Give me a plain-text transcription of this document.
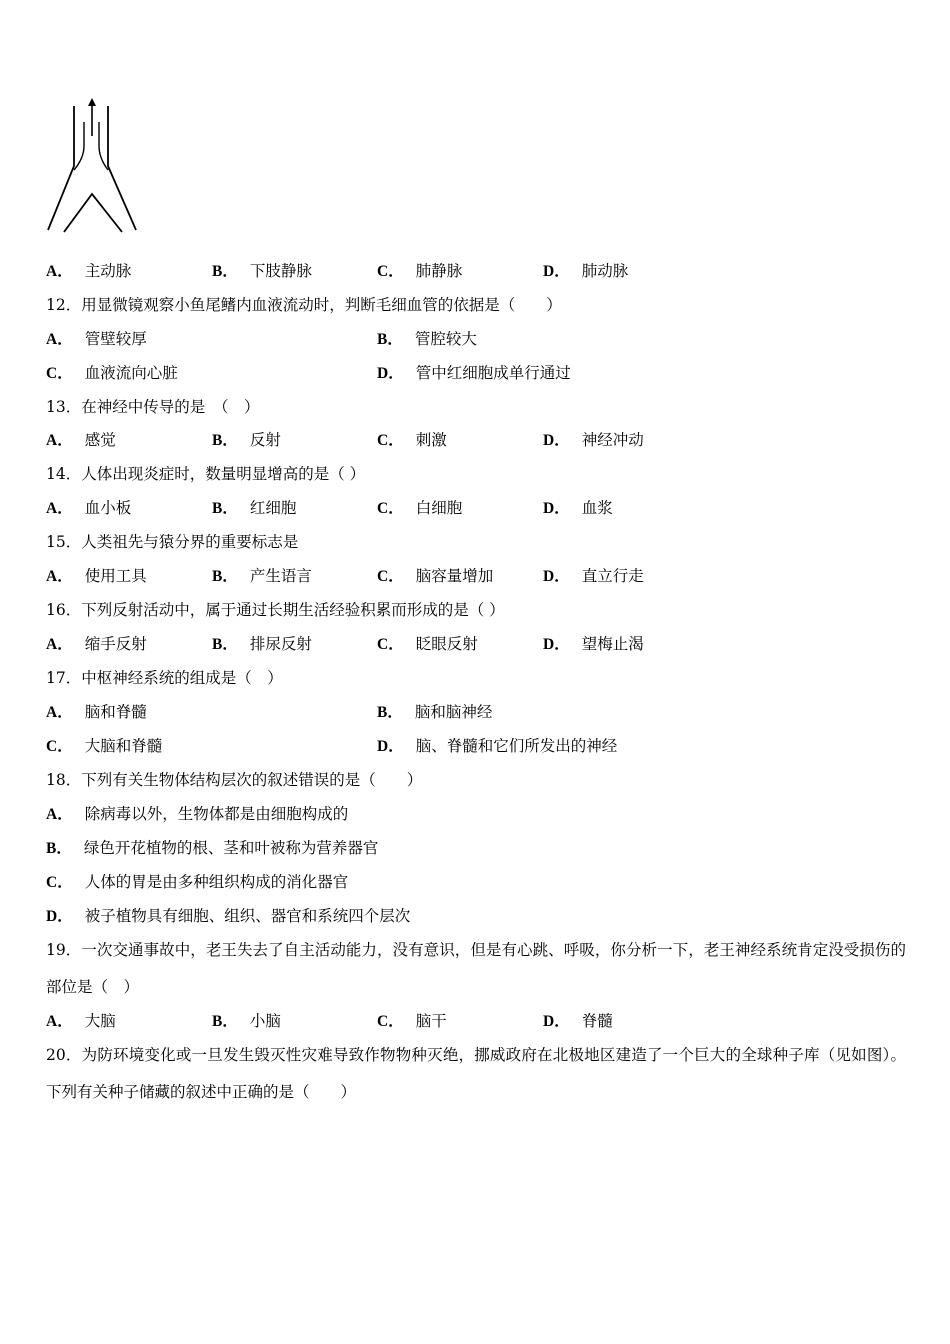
A． 主动脉	B． 下肢静脉	C． 肺静脉	D． 肺动脉
12．用显微镜观察小鱼尾鳍内血液流动时，判断毛细血管的依据是（　　）
A． 管壁较厚	B． 管腔较大
C． 血液流向心脏	D． 管中红细胞成单行通过
13．在神经中传导的是　（　）
A． 感觉	B． 反射	C． 刺激	D． 神经冲动
14．人体出现炎症时，数量明显增高的是（ ）
A． 血小板	B． 红细胞	C． 白细胞	D． 血浆
15．人类祖先与猿分界的重要标志是
A． 使用工具	B． 产生语言	C． 脑容量增加	D． 直立行走
16．下列反射活动中，属于通过长期生活经验积累而形成的是（ ）
A． 缩手反射	B． 排尿反射	C． 眨眼反射	D． 望梅止渴
17．中枢神经系统的组成是（　）
A． 脑和脊髓	B． 脑和脑神经
C． 大脑和脊髓	D． 脑、脊髓和它们所发出的神经
18．下列有关生物体结构层次的叙述错误的是（　　）
A． 除病毒以外，生物体都是由细胞构成的
B． 绿色开花植物的根、茎和叶被称为营养器官
C． 人体的胃是由多种组织构成的消化器官
D． 被子植物具有细胞、组织、器官和系统四个层次
19．一次交通事故中，老王失去了自主活动能力，没有意识，但是有心跳、呼吸，你分析一下，老王神经系统肯定没受损伤的部位是（　）
A． 大脑	B． 小脑	C． 脑干	D． 脊髓
20．为防环境变化或一旦发生毁灭性灾难导致作物物种灭绝，挪威政府在北极地区建造了一个巨大的全球种子库（见如图）。下列有关种子储藏的叙述中正确的是（　　）
